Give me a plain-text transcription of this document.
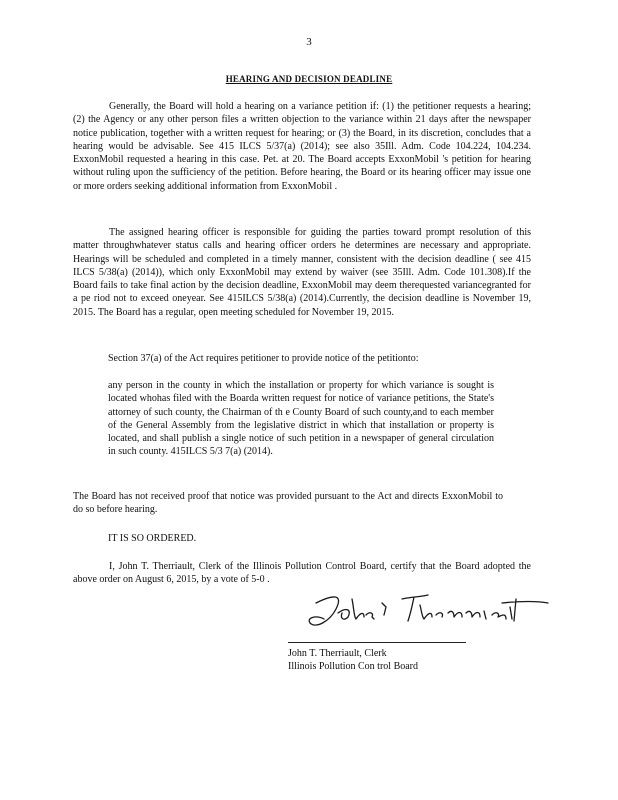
3
HEARING AND DECISION DEADLINE

Generally, the Board will hold a hearing on a variance petition if: (1) the petitioner requests a hearing; (2) the Agency or any other person files a written objection to the variance within 21 days after the newspaper notice publication, together with a written request for hearing; or (3) the Board, in its discretion, concludes that a hearing would be advisable. See 415 ILCS 5/37(a) (2014); see also 35Ill. Adm. Code 104.224, 104.234. ExxonMobil requested a hearing in this case. Pet. at 20. The Board accepts ExxonMobil 's petition for hearing without ruling upon the sufficiency of the petition. Before hearing, the Board or its hearing officer may issue one or more orders seeking additional information from ExxonMobil .

The assigned hearing officer is responsible for guiding the parties toward prompt resolution of this matter throughwhatever status calls and hearing officer orders he determines are necessary and appropriate. Hearings will be scheduled and completed in a timely manner, consistent with the decision deadline ( see 415 ILCS 5/38(a) (2014)), which only ExxonMobil may extend by waiver (see 35Ill. Adm. Code 101.308).If the Board fails to take final action by the decision deadline, ExxonMobil may deem therequested variancegranted for a pe riod not to exceed oneyear. See 415ILCS 5/38(a) (2014).Currently, the decision deadline is November 19, 2015. The Board has a regular, open meeting scheduled for November 19, 2015.

Section 37(a) of the Act requires petitioner to provide notice of the petitionto:

any person in the county in which the installation or property for which variance is sought is located whohas filed with the Boarda written request for notice of variance petitions, the State's attorney of such county, the Chairman of th e County Board of such county,and to each member of the General Assembly from the legislative district in which that installation or property is located, and shall publish a single notice of such petition in a newspaper of general circulation in such county. 415ILCS 5/3 7(a) (2014).

The Board has not received proof that notice was provided pursuant to the Act and directs ExxonMobil to do so before hearing.

IT IS SO ORDERED.

I, John T. Therriault, Clerk of the Illinois Pollution Control Board, certify that the Board adopted the above order on August 6, 2015, by a vote of 5-0 .

John T. Therriault, Clerk
Illinois Pollution Con trol Board
